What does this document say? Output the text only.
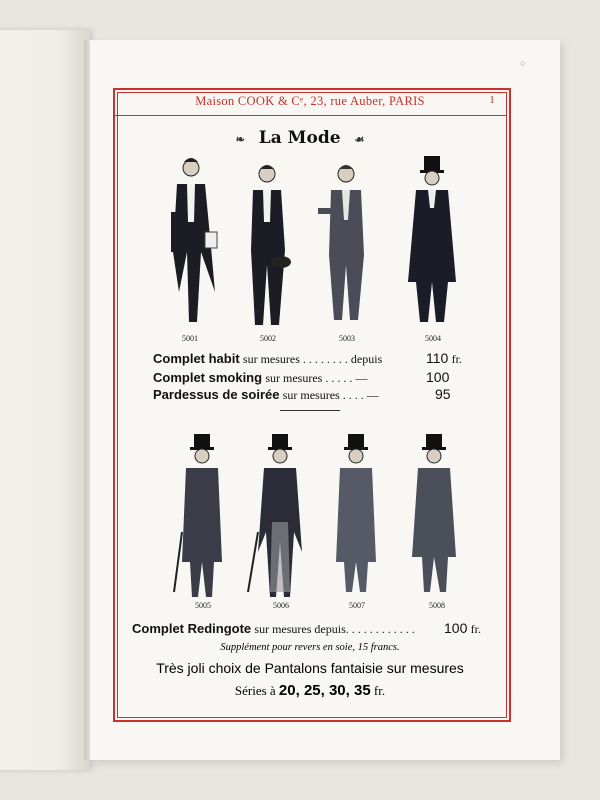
○
Maison COOK & Cᵉ, 23, rue Auber, PARIS	1
❧ La Mode ☙
5001	5002	5003	5004
Complet habit sur mesures . . . . . . . . depuis	110 fr.
Complet smoking sur mesures . . . . . —	100
Pardessus de soirée sur mesures . . . . —	95
5005	5006	5007	5008
Complet Redingote sur mesures depuis. . . . . . . . . . . . 100 fr.
Supplément pour revers en soie, 15 francs.
Très joli choix de Pantalons fantaisie sur mesures
Séries à 20, 25, 30, 35 fr.
